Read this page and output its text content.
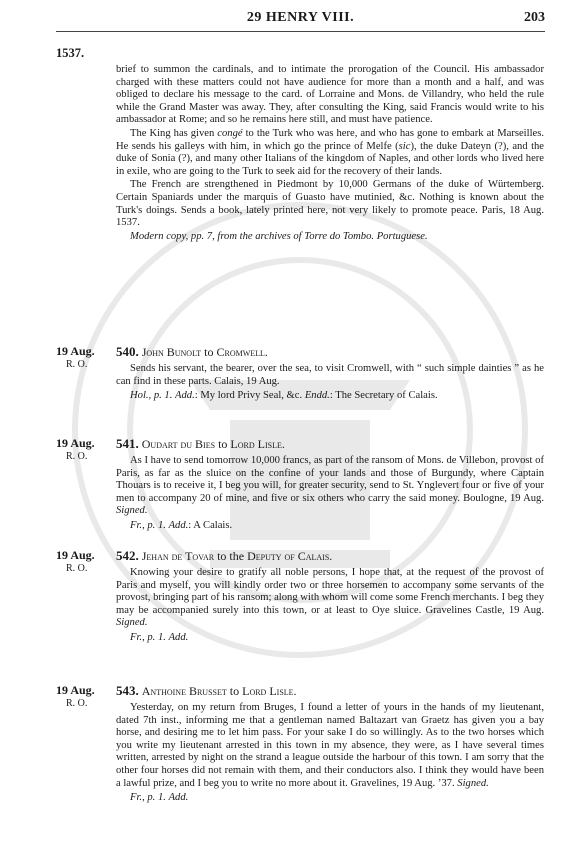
29 HENRY VIII.	203
1537.

brief to summon the cardinals, and to intimate the prorogation of the Council. His ambassador charged with these matters could not have audience for more than a month and a half, and was obliged to declare his message to the card. of Lorraine and Mons. de Villandry, who held the rule while the Grand Master was away. They, after consulting the King, said Francis would write to his ambassador at Rome; and so he remains here still, and must have patience.

The King has given congé to the Turk who was here, and who has gone to embark at Marseilles. He sends his galleys with him, in which go the prince of Melfe (sic), the duke Dateyn (?), and the duke of Sonia (?), and many other Italians of the kingdom of Naples, and other lords who lived here in exile, who are going to the Turk to seek aid for the recovery of their lands.

The French are strengthened in Piedmont by 10,000 Germans of the duke of Würtemberg. Certain Spaniards under the marquis of Guasto have mutinied, &c. Nothing is known about the Turk's doings. Sends a book, lately printed here, not very likely to promote peace. Paris, 18 Aug. 1537.

Modern copy, pp. 7, from the archives of Torre do Tombo. Portuguese.

19 Aug.
R. O.
540. John Bunolt to Cromwell.

Sends his servant, the bearer, over the sea, to visit Cromwell, with “ such simple dainties ” as he can find in these parts. Calais, 19 Aug.

Hol., p. 1. Add.: My lord Privy Seal, &c. Endd.: The Secretary of Calais.

19 Aug.
R. O.
541. Oudart du Bies to Lord Lisle.

As I have to send tomorrow 10,000 francs, as part of the ransom of Mons. de Villebon, provost of Paris, as far as the sluice on the confine of your lands and those of Burgundy, where Captain Thouars is to receive it, I beg you will, for greater security, send to St. Ynglevert four or five of your men to accompany 20 of mine, and five or six others who carry the said money. Boulogne, 19 Aug. Signed.

Fr., p. 1. Add.: A Calais.

19 Aug.
R. O.
542. Jehan de Tovar to the Deputy of Calais.

Knowing your desire to gratify all noble persons, I hope that, at the request of the provost of Paris and myself, you will kindly order two or three horsemen to accompany some servants of the provost, bringing part of his ransom; along with whom will come some French merchants. I beg they may be accompanied surely into this town, or at least to Oye sluice. Gravelines Castle, 19 Aug. Signed.

Fr., p. 1. Add.

19 Aug.
R. O.
543. Anthoine Brusset to Lord Lisle.

Yesterday, on my return from Bruges, I found a letter of yours in the hands of my lieutenant, dated 7th inst., informing me that a gentleman named Baltazart van Graetz has given you a bay horse, and desiring me to let him pass. For your sake I do so willingly. As to the two horses which you write my lieutenant arrested in this town in my absence, they were, as I have several times written, arrested by night on the strand a league outside the harbour of this town. I am sorry that the other four horses did not remain with them, and their conductors also. I think they would have been a lawful prize, and I beg you to write no more about it. Gravelines, 19 Aug. ’37. Signed.

Fr., p. 1. Add.
